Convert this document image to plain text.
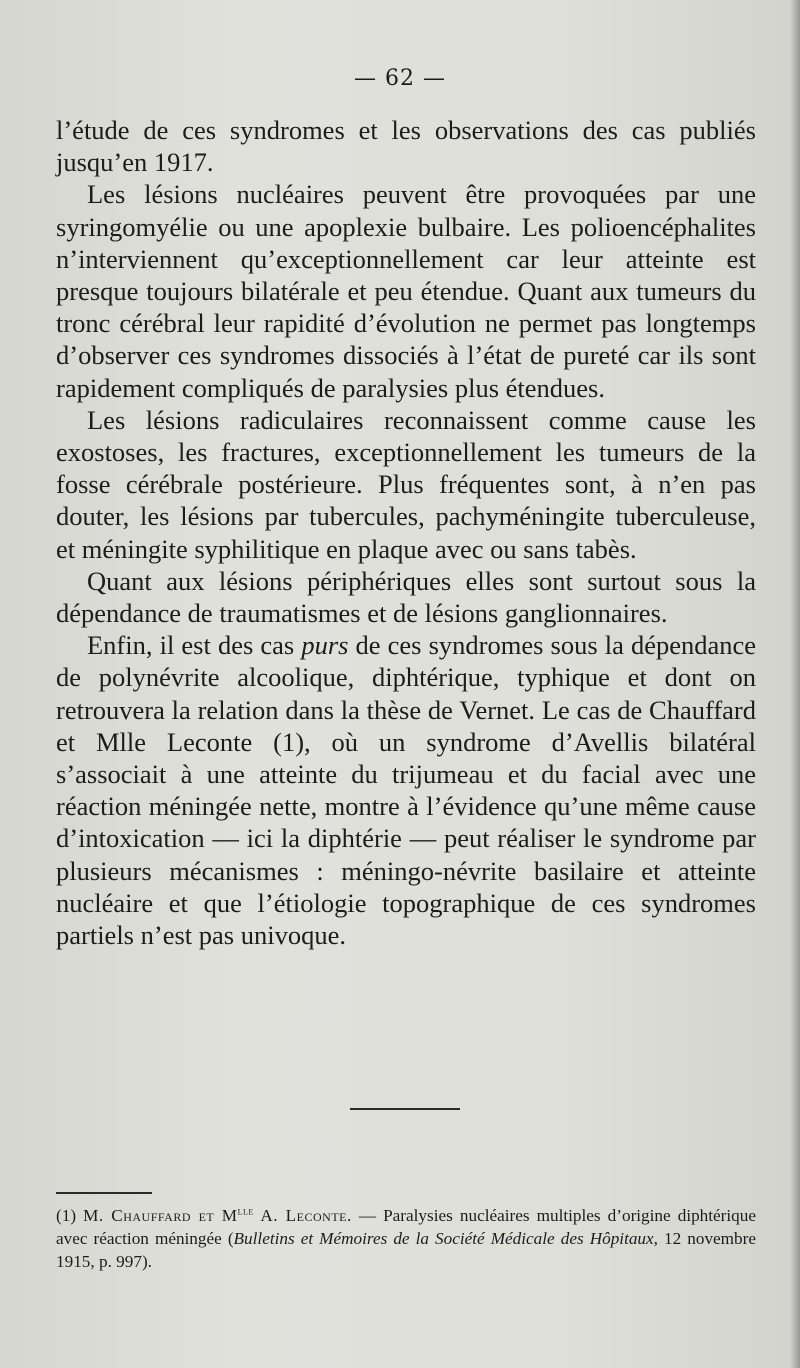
— 62 —

l’étude de ces syndromes et les observations des cas publiés jusqu’en 1917.

Les lésions nucléaires peuvent être provoquées par une syringomyélie ou une apoplexie bulbaire. Les polioencéphalites n’interviennent qu’exceptionnellement car leur atteinte est presque toujours bilatérale et peu étendue. Quant aux tumeurs du tronc cérébral leur rapidité d’évolution ne permet pas longtemps d’observer ces syndromes dissociés à l’état de pureté car ils sont rapidement compliqués de paralysies plus étendues.

Les lésions radiculaires reconnaissent comme cause les exostoses, les fractures, exceptionnellement les tumeurs de la fosse cérébrale postérieure. Plus fréquentes sont, à n’en pas douter, les lésions par tubercules, pachyméningite tuberculeuse, et méningite syphilitique en plaque avec ou sans tabès.

Quant aux lésions périphériques elles sont surtout sous la dépendance de traumatismes et de lésions ganglionnaires.

Enfin, il est des cas purs de ces syndromes sous la dépendance de polynévrite alcoolique, diphtérique, typhique et dont on retrouvera la relation dans la thèse de Vernet. Le cas de Chauffard et Mlle Leconte (1), où un syndrome d’Avellis bilatéral s’associait à une atteinte du trijumeau et du facial avec une réaction méningée nette, montre à l’évidence qu’une même cause d’intoxication — ici la diphtérie — peut réaliser le syndrome par plusieurs mécanismes : méningo-névrite basilaire et atteinte nucléaire et que l’étiologie topographique de ces syndromes partiels n’est pas univoque.

(1) M. Chauffard et $M^{lle}$ A. Leconte. — Paralysies nucléaires multiples d’origine diphtérique avec réaction méningée (Bulletins et Mémoires de la Société Médicale des Hôpitaux, 12 novembre 1915, p. 997).
